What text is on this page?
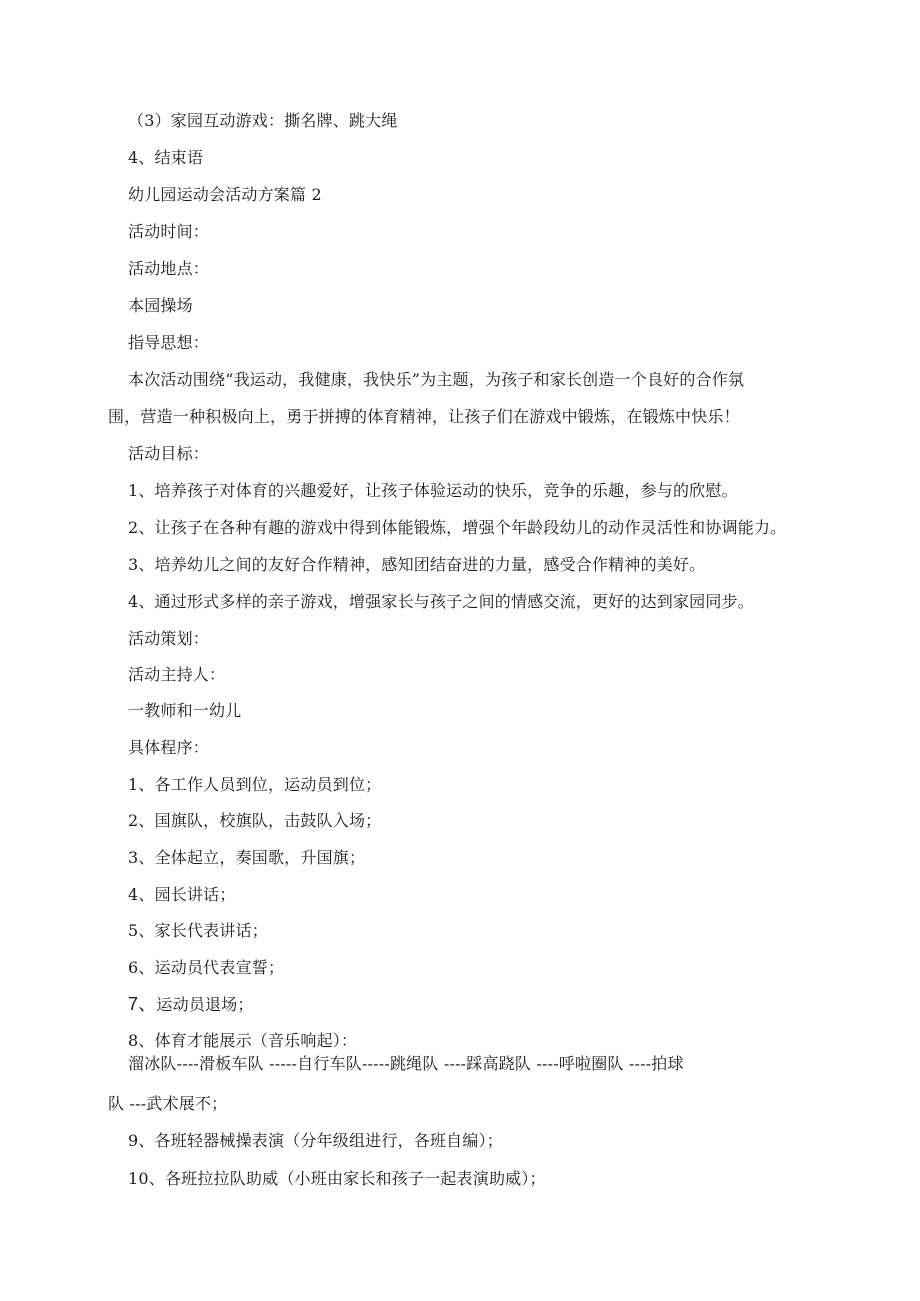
（3）家园互动游戏：撕名牌、跳大绳
4、结束语
幼儿园运动会活动方案篇 2
活动时间：
活动地点：
本园操场
指导思想：
本次活动围绕“我运动，我健康，我快乐”为主题，为孩子和家长创造一个良好的合作氛
围，营造一种积极向上，勇于拼搏的体育精神，让孩子们在游戏中锻炼，在锻炼中快乐！
活动目标：
1、培养孩子对体育的兴趣爱好，让孩子体验运动的快乐，竞争的乐趣，参与的欣慰。
2、让孩子在各种有趣的游戏中得到体能锻炼，增强个年龄段幼儿的动作灵活性和协调能力。
3、培养幼儿之间的友好合作精神，感知团结奋进的力量，感受合作精神的美好。
4、通过形式多样的亲子游戏，增强家长与孩子之间的情感交流，更好的达到家园同步。
活动策划：
活动主持人：
一教师和一幼儿
具体程序：
1、各工作人员到位，运动员到位；
2、国旗队，校旗队，击鼓队入场；
3、全体起立，奏国歌，升国旗；
4、园长讲话；
5、家长代表讲话；
6、运动员代表宣誓；
7、运动员退场；
8、体育才能展示（音乐响起）：
溜冰队----滑板车队 -----自行车队-----跳绳队 ----踩高跷队 ----呼啦圈队 ----拍球
队 ---武术展不；
9、各班轻器械操表演（分年级组进行，各班自编）；
10、各班拉拉队助威（小班由家长和孩子一起表演助威）；
